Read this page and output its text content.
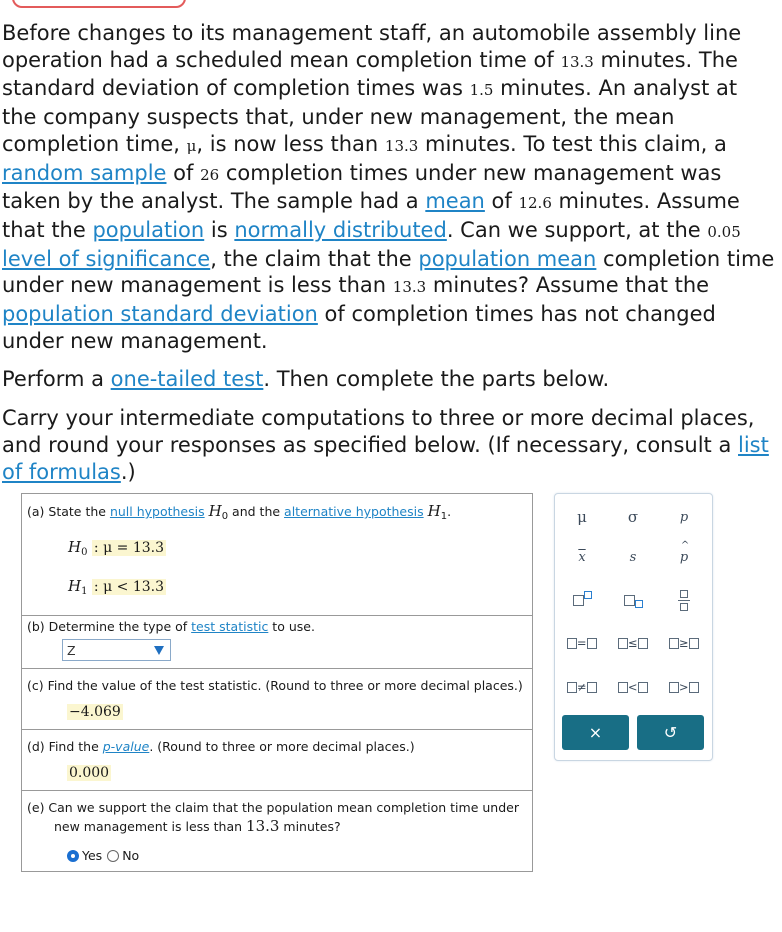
Before changes to its management staff, an automobile assembly line operation had a scheduled mean completion time of 13.3 minutes. The standard deviation of completion times was 1.5 minutes. An analyst at the company suspects that, under new management, the mean completion time, μ, is now less than 13.3 minutes. To test this claim, a random sample of 26 completion times under new management was taken by the analyst. The sample had a mean of 12.6 minutes. Assume that the population is normally distributed. Can we support, at the 0.05 level of significance, the claim that the population mean completion time under new management is less than 13.3 minutes? Assume that the population standard deviation of completion times has not changed under new management.

Perform a one-tailed test. Then complete the parts below.

Carry your intermediate computations to three or more decimal places, and round your responses as specified below. (If necessary, consult a list of formulas.)

(a) State the null hypothesis $H_0$ and the alternative hypothesis $H_1$.
$H_0$ : μ = 13.3
$H_1$ : μ < 13.3
(b) Determine the type of test statistic to use.
Z
(c) Find the value of the test statistic. (Round to three or more decimal places.)
−4.069
(d) Find the p-value. (Round to three or more decimal places.)
0.000
(e) Can we support the claim that the population mean completion time under
new management is less than 13.3 minutes?
Yes No
μ	σ	p
$\overline{x}$	s
^
p
=	≤	≥
≠	<	>
×	↺
